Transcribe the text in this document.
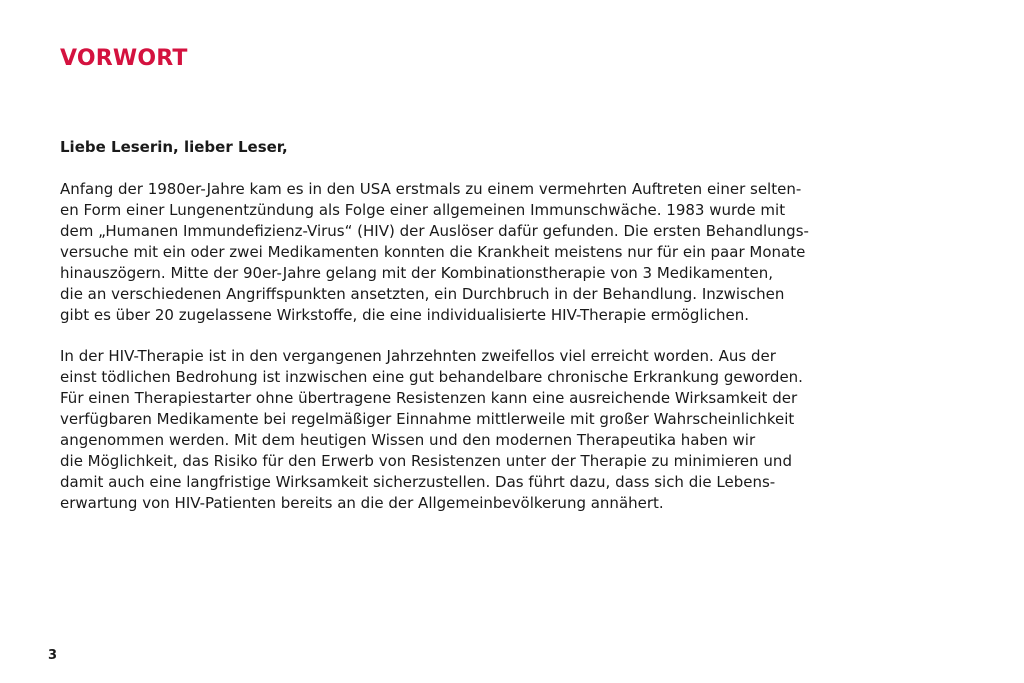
VORWORT

Liebe Leserin, lieber Leser,

Anfang der 1980er-Jahre kam es in den USA erstmals zu einem vermehrten Auftreten einer selten-
en Form einer Lungenentzündung als Folge einer allgemeinen Immunschwäche. 1983 wurde mit
dem „Humanen Immundefizienz-Virus“ (HIV) der Auslöser dafür gefunden. Die ersten Behandlungs-
versuche mit ein oder zwei Medikamenten konnten die Krankheit meistens nur für ein paar Monate
hinauszögern. Mitte der 90er-Jahre gelang mit der Kombinationstherapie von 3 Medikamenten,
die an verschiedenen Angriffspunkten ansetzten, ein Durchbruch in der Behandlung. Inzwischen
gibt es über 20 zugelassene Wirkstoffe, die eine individualisierte HIV-Therapie ermöglichen.

In der HIV-Therapie ist in den vergangenen Jahrzehnten zweifellos viel erreicht worden. Aus der
einst tödlichen Bedrohung ist inzwischen eine gut behandelbare chronische Erkrankung geworden.
Für einen Therapiestarter ohne übertragene Resistenzen kann eine ausreichende Wirksamkeit der
verfügbaren Medikamente bei regelmäßiger Einnahme mittlerweile mit großer Wahrscheinlichkeit
angenommen werden. Mit dem heutigen Wissen und den modernen Therapeutika haben wir
die Möglichkeit, das Risiko für den Erwerb von Resistenzen unter der Therapie zu minimieren und
damit auch eine langfristige Wirksamkeit sicherzustellen. Das führt dazu, dass sich die Lebens-
erwartung von HIV-Patienten bereits an die der Allgemeinbevölkerung annähert.

3
